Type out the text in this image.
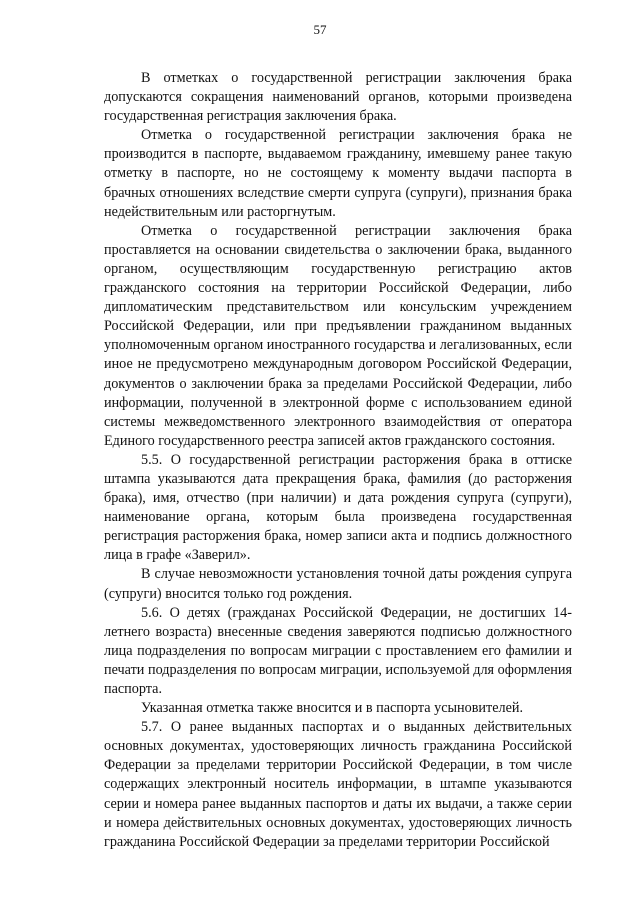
57

В отметках о государственной регистрации заключения брака допускаются сокращения наименований органов, которыми произведена государственная регистрация заключения брака.

Отметка о государственной регистрации заключения брака не производится в паспорте, выдаваемом гражданину, имевшему ранее такую отметку в паспорте, но не состоящему к моменту выдачи паспорта в брачных отношениях вследствие смерти супруга (супруги), признания брака недействительным или расторгнутым.

Отметка о государственной регистрации заключения брака проставляется на основании свидетельства о заключении брака, выданного органом, осуществляющим государственную регистрацию актов гражданского состояния на территории Российской Федерации, либо дипломатическим представительством или консульским учреждением Российской Федерации, или при предъявлении гражданином выданных уполномоченным органом иностранного государства и легализованных, если иное не предусмотрено международным договором Российской Федерации, документов о заключении брака за пределами Российской Федерации, либо информации, полученной в электронной форме с использованием единой системы межведомственного электронного взаимодействия от оператора Единого государственного реестра записей актов гражданского состояния.

5.5. О государственной регистрации расторжения брака в оттиске штампа указываются дата прекращения брака, фамилия (до расторжения брака), имя, отчество (при наличии) и дата рождения супруга (супруги), наименование органа, которым была произведена государственная регистрация расторжения брака, номер записи акта и подпись должностного лица в графе «Заверил».

В случае невозможности установления точной даты рождения супруга (супруги) вносится только год рождения.

5.6. О детях (гражданах Российской Федерации, не достигших 14-летнего возраста) внесенные сведения заверяются подписью должностного лица подразделения по вопросам миграции с проставлением его фамилии и печати подразделения по вопросам миграции, используемой для оформления паспорта.

Указанная отметка также вносится и в паспорта усыновителей.

5.7. О ранее выданных паспортах и о выданных действительных основных документах, удостоверяющих личность гражданина Российской Федерации за пределами территории Российской Федерации, в том числе содержащих электронный носитель информации, в штампе указываются серии и номера ранее выданных паспортов и даты их выдачи, а также серии и номера действительных основных документах, удостоверяющих личность гражданина Российской Федерации за пределами территории Российской
